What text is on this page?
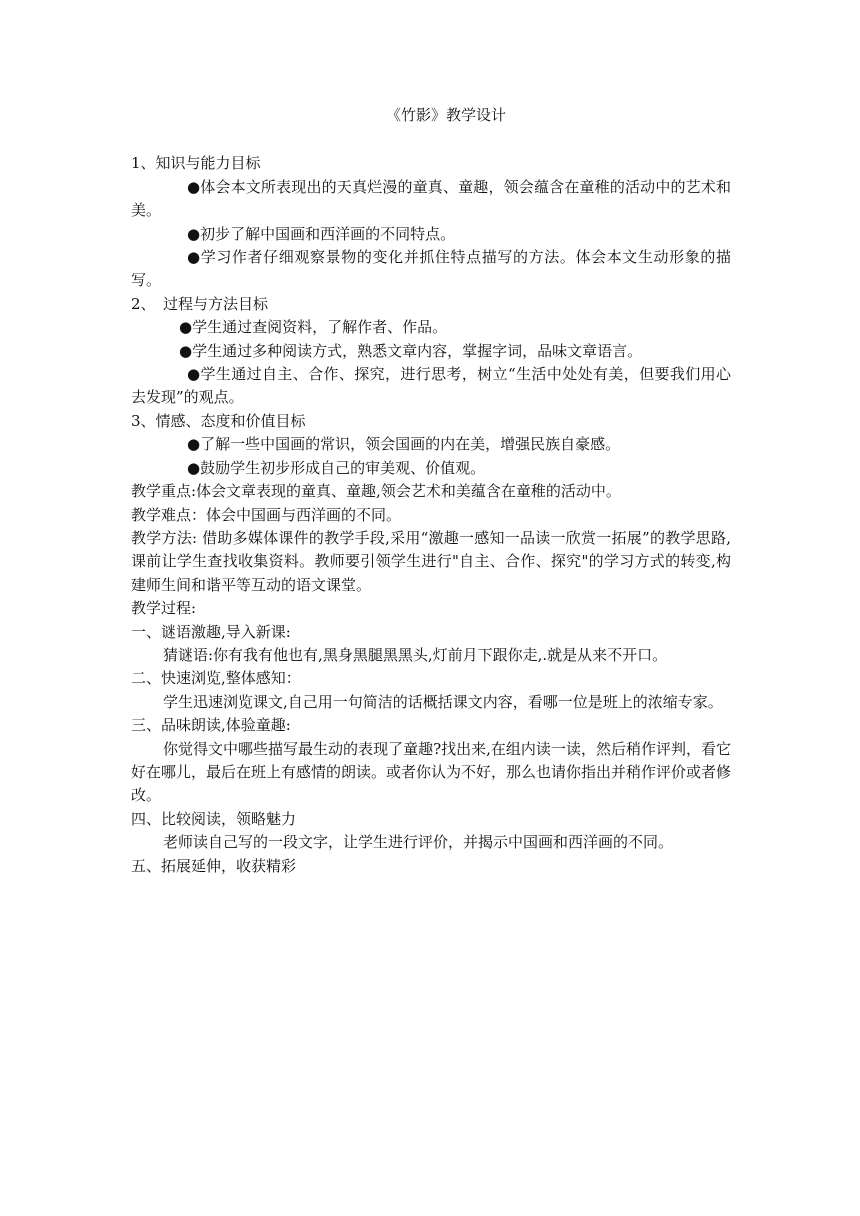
《竹影》教学设计

1、知识与能力目标

●体会本文所表现出的天真烂漫的童真、童趣，领会蕴含在童稚的活动中的艺术和美。

●初步了解中国画和西洋画的不同特点。

●学习作者仔细观察景物的变化并抓住特点描写的方法。体会本文生动形象的描写。

2、　过程与方法目标

●学生通过查阅资料，了解作者、作品。

●学生通过多种阅读方式，熟悉文章内容，掌握字词，品味文章语言。

●学生通过自主、合作、探究，进行思考，树立“生活中处处有美，但要我们用心去发现”的观点。

3、情感、态度和价值目标

●了解一些中国画的常识，领会国画的内在美，增强民族自豪感。

●鼓励学生初步形成自己的审美观、价值观。

教学重点:体会文章表现的童真、童趣,领会艺术和美蕴含在童稚的活动中。

教学难点：体会中国画与西洋画的不同。

教学方法: 借助多媒体课件的教学手段,采用“激趣一感知一品读一欣赏一拓展”的教学思路,课前让学生查找收集资料。教师要引领学生进行"自主、合作、探究"的学习方式的转变,构建师生间和谐平等互动的语文课堂。

教学过程:

一、谜语激趣,导入新课:

猜谜语:你有我有他也有,黑身黑腿黑黑头,灯前月下跟你走,.就是从来不开口。

二、快速浏览,整体感知：

学生迅速浏览课文,自己用一句简洁的话概括课文内容，看哪一位是班上的浓缩专家。

三、品味朗读,体验童趣:

你觉得文中哪些描写最生动的表现了童趣?找出来,在组内读一读，然后稍作评判，看它好在哪儿，最后在班上有感情的朗读。或者你认为不好，那么也请你指出并稍作评价或者修改。

四、比较阅读，领略魅力

老师读自己写的一段文字，让学生进行评价，并揭示中国画和西洋画的不同。

五、拓展延伸，收获精彩
